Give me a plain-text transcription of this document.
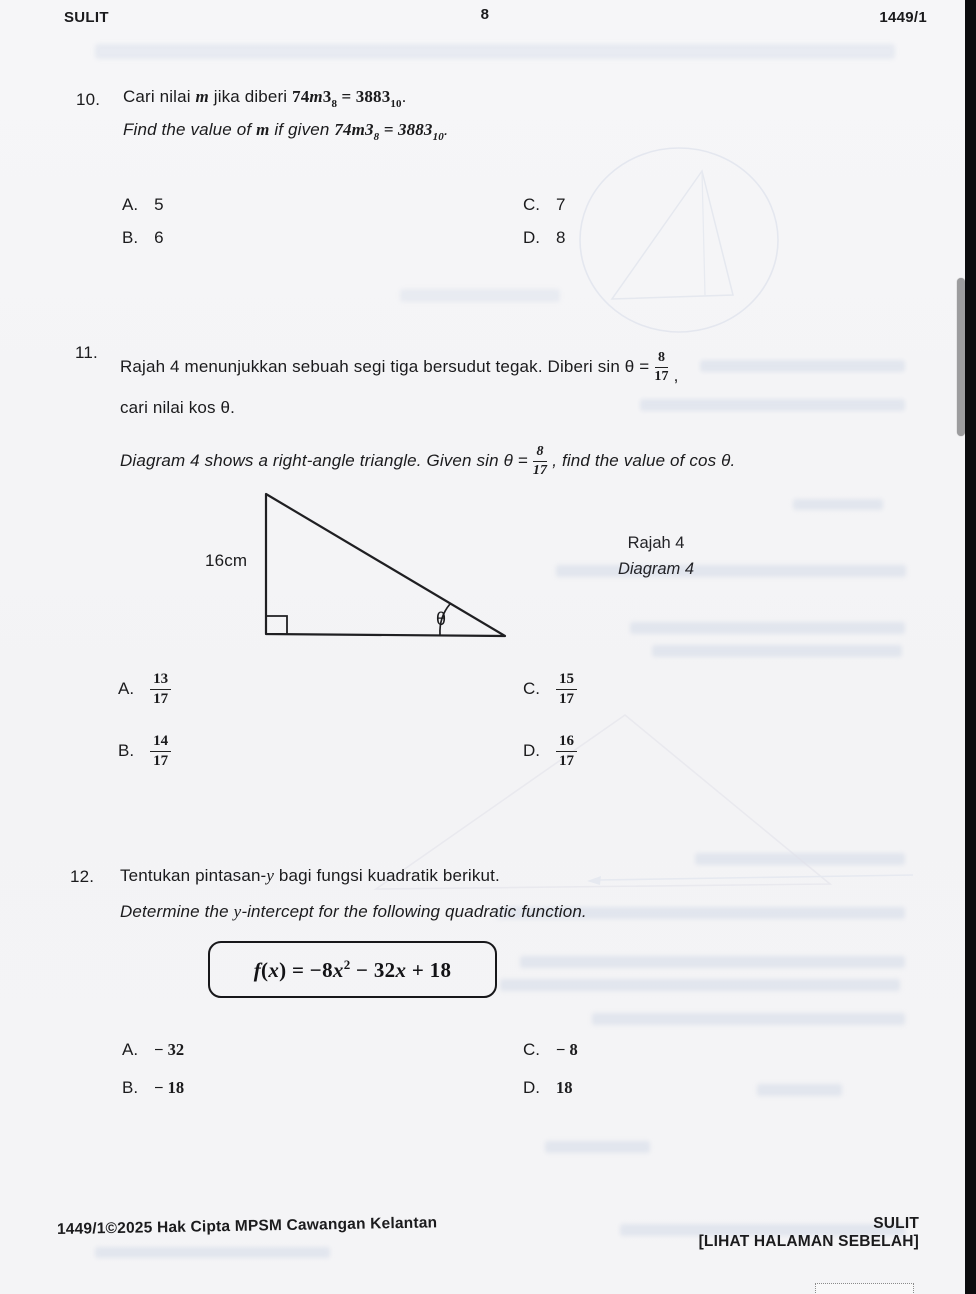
SULIT	8	1449/1
10. Cari nilai m jika diberi $74m3_8 = 3883_{10}$.
Find the value of m if given $74m3_8 = 3883_{10}$.
A. 5
B. 6
C. 7
D. 8
11.
Rajah 4 menunjukkan sebuah segi tiga bersudut tegak. Diberi $\sin \theta = \frac{8}{17}$ ,
cari nilai kos θ.
Diagram 4 shows a right-angle triangle. Given $\sin \theta = \frac{8}{17}$ , find the value of cos θ.
16cm
θ
Rajah 4
Diagram 4
A. $\frac{13}{17}$
B. $\frac{14}{17}$
C. $\frac{15}{17}$
D. $\frac{16}{17}$
12. Tentukan pintasan-y bagi fungsi kuadratik berikut.
Determine the y-intercept for the following quadratic function.
$f(x) = -8x^2 - 32x + 18$
A. − 32
B. − 18
C. − 8
D. 18
1449/1©2025 Hak Cipta MPSM Cawangan Kelantan	SULIT
[LIHAT HALAMAN SEBELAH]
